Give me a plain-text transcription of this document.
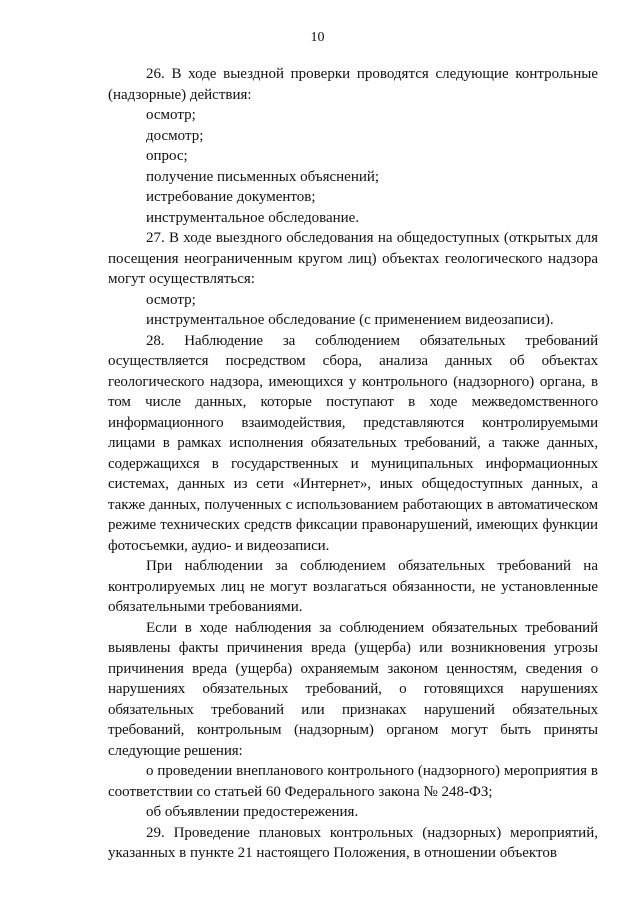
10

26. В ходе выездной проверки проводятся следующие контрольные (надзорные) действия:

осмотр;

досмотр;

опрос;

получение письменных объяснений;

истребование документов;

инструментальное обследование.

27. В ходе выездного обследования на общедоступных (открытых для посещения неограниченным кругом лиц) объектах геологического надзора могут осуществляться:

осмотр;

инструментальное обследование (с применением видеозаписи).

28. Наблюдение за соблюдением обязательных требований осуществляется посредством сбора, анализа данных об объектах геологического надзора, имеющихся у контрольного (надзорного) органа, в том числе данных, которые поступают в ходе межведомственного информационного взаимодействия, представляются контролируемыми лицами в рамках исполнения обязательных требований, а также данных, содержащихся в государственных и муниципальных информационных системах, данных из сети «Интернет», иных общедоступных данных, а также данных, полученных с использованием работающих в автоматическом режиме технических средств фиксации правонарушений, имеющих функции фотосъемки, аудио- и видеозаписи.

При наблюдении за соблюдением обязательных требований на контролируемых лиц не могут возлагаться обязанности, не установленные обязательными требованиями.

Если в ходе наблюдения за соблюдением обязательных требований выявлены факты причинения вреда (ущерба) или возникновения угрозы причинения вреда (ущерба) охраняемым законом ценностям, сведения о нарушениях обязательных требований, о готовящихся нарушениях обязательных требований или признаках нарушений обязательных требований, контрольным (надзорным) органом могут быть приняты следующие решения:

о проведении внепланового контрольного (надзорного) мероприятия в соответствии со статьей 60 Федерального закона № 248-ФЗ;

об объявлении предостережения.

29. Проведение плановых контрольных (надзорных) мероприятий, указанных в пункте 21 настоящего Положения, в отношении объектов
